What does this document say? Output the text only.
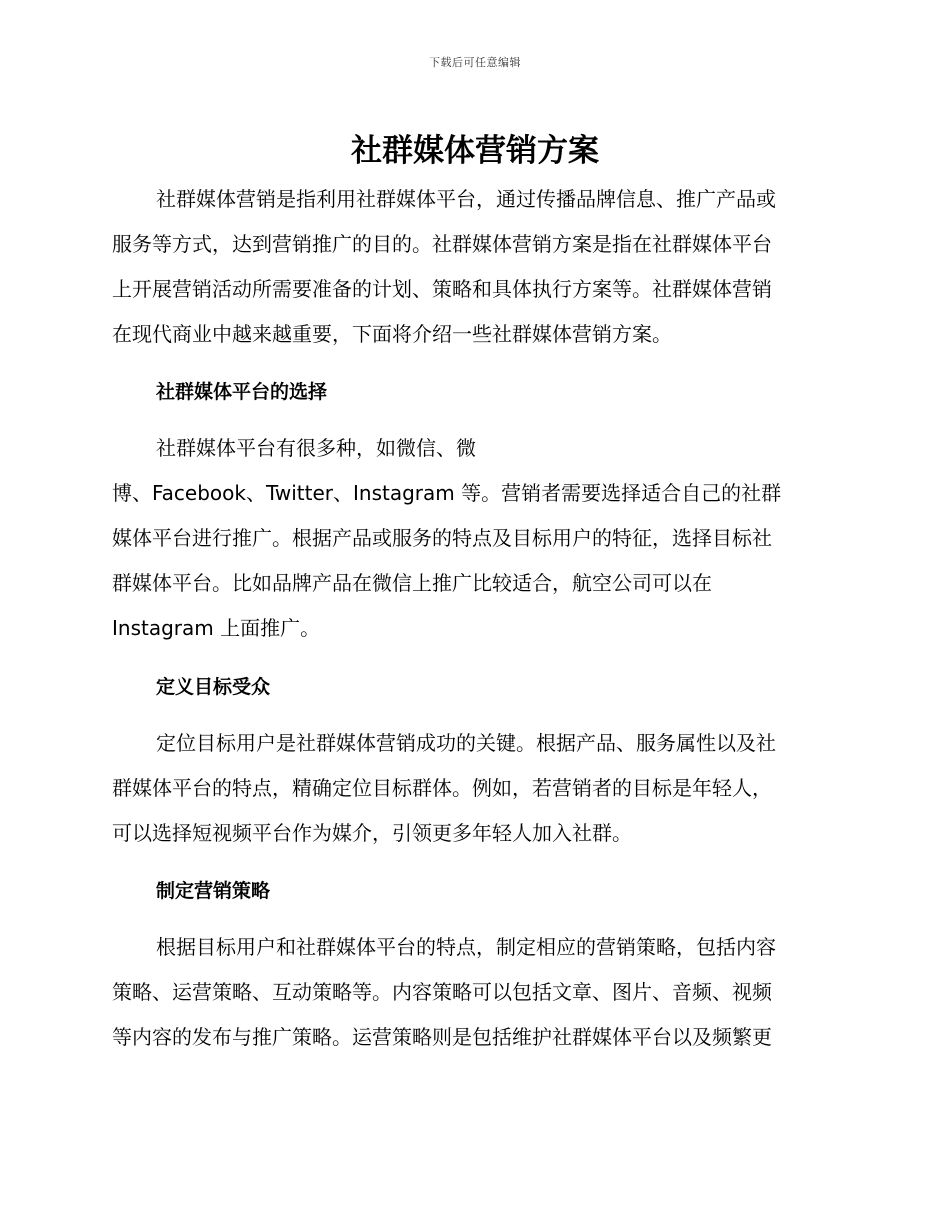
下载后可任意编辑
社群媒体营销方案

社群媒体营销是指利用社群媒体平台，通过传播品牌信息、推广产品或
服务等方式，达到营销推广的目的。社群媒体营销方案是指在社群媒体平台
上开展营销活动所需要准备的计划、策略和具体执行方案等。社群媒体营销
在现代商业中越来越重要，下面将介绍一些社群媒体营销方案。

社群媒体平台的选择

社群媒体平台有很多种，如微信、微
博、Facebook、Twitter、Instagram 等。营销者需要选择适合自己的社群
媒体平台进行推广。根据产品或服务的特点及目标用户的特征，选择目标社
群媒体平台。比如品牌产品在微信上推广比较适合，航空公司可以在
Instagram 上面推广。

定义目标受众

定位目标用户是社群媒体营销成功的关键。根据产品、服务属性以及社
群媒体平台的特点，精确定位目标群体。例如，若营销者的目标是年轻人，
可以选择短视频平台作为媒介，引领更多年轻人加入社群。

制定营销策略

根据目标用户和社群媒体平台的特点，制定相应的营销策略，包括内容
策略、运营策略、互动策略等。内容策略可以包括文章、图片、音频、视频
等内容的发布与推广策略。运营策略则是包括维护社群媒体平台以及频繁更
